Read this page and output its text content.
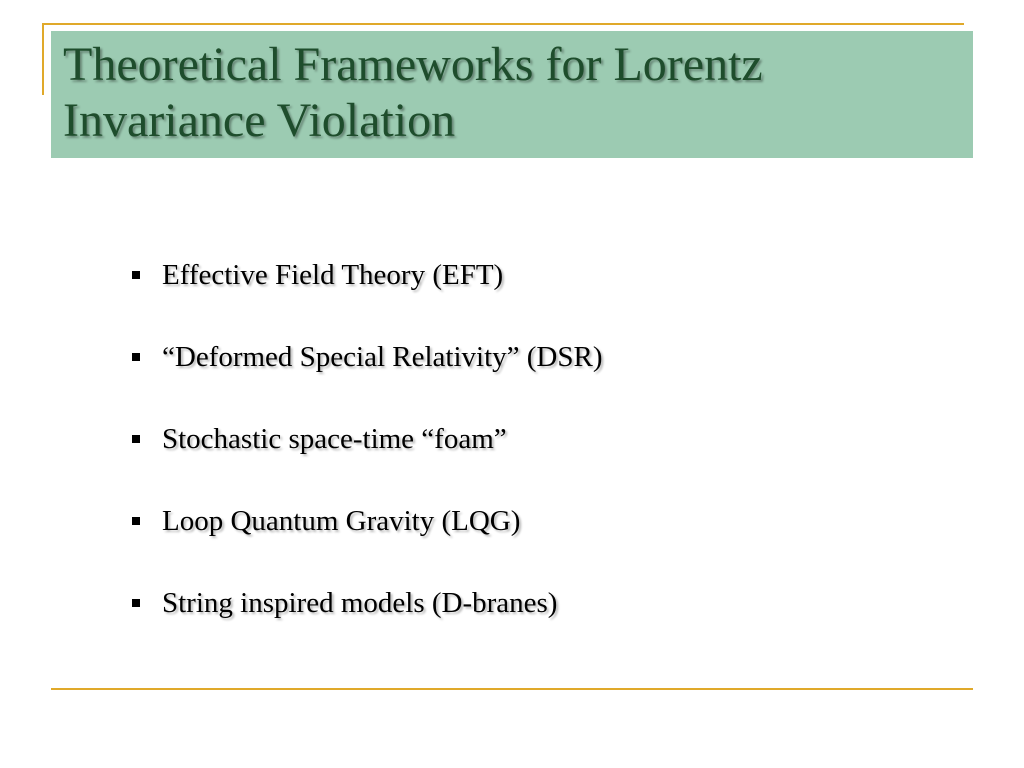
Theoretical Frameworks for Lorentz
Invariance Violation
Effective Field Theory (EFT)
“Deformed Special Relativity” (DSR)
Stochastic space-time “foam”
Loop Quantum Gravity (LQG)
String inspired models (D-branes)
